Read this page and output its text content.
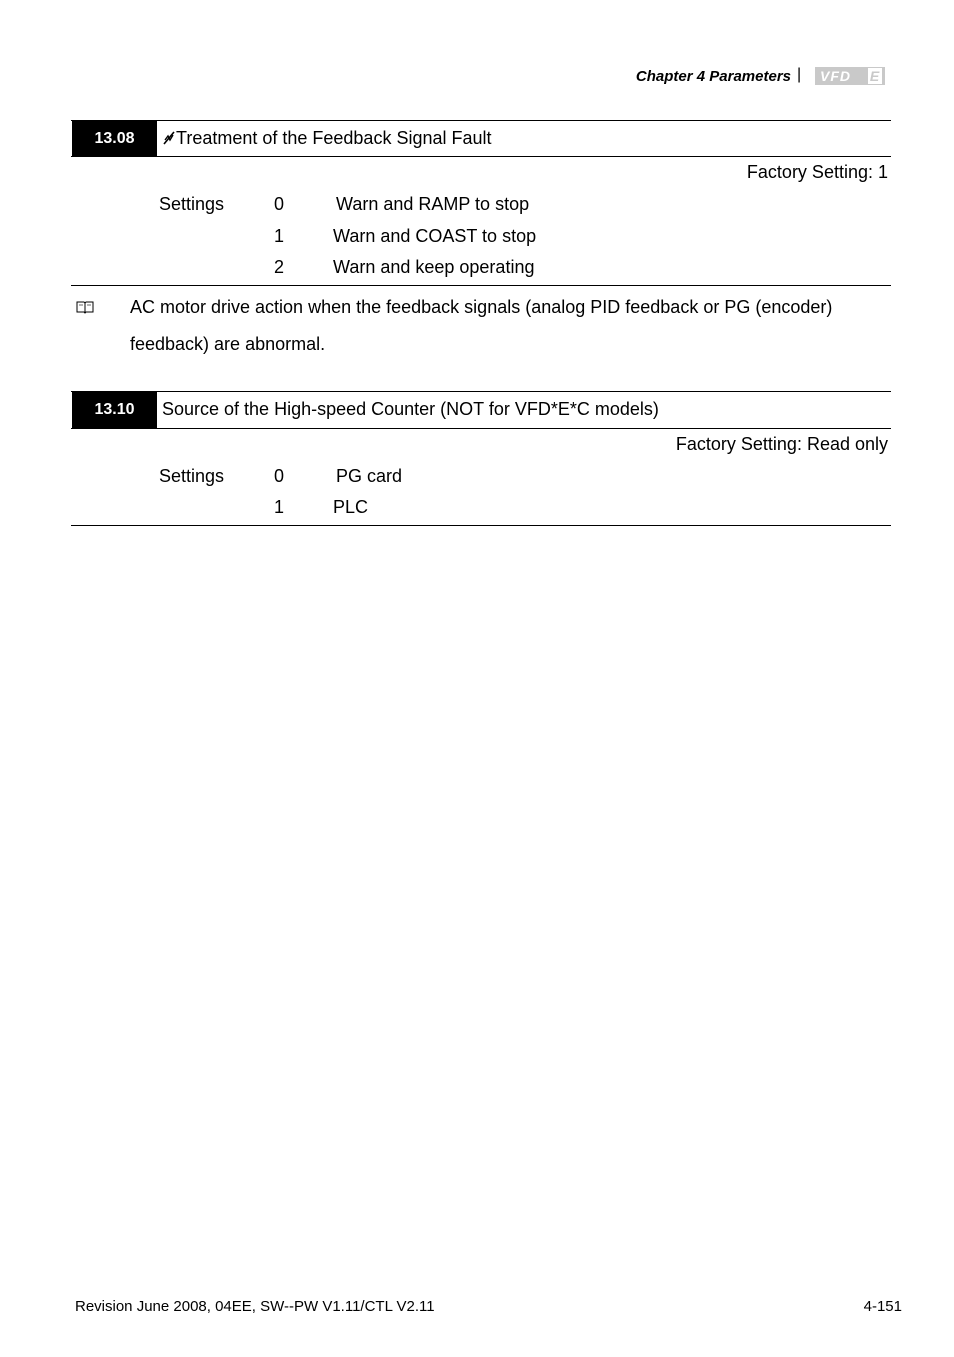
Chapter 4 Parameters | VFD E
13.08	Treatment of the Feedback Signal Fault
Factory Setting: 1
Settings	0	Warn and RAMP to stop
1	Warn and COAST to stop
2	Warn and keep operating
AC motor drive action when the feedback signals (analog PID feedback or PG (encoder) feedback) are abnormal.
13.10	Source of the High-speed Counter (NOT for VFD*E*C models)
Factory Setting: Read only
Settings	0	PG card
1	PLC
Revision June 2008, 04EE, SW--PW V1.11/CTL V2.11	4-151
